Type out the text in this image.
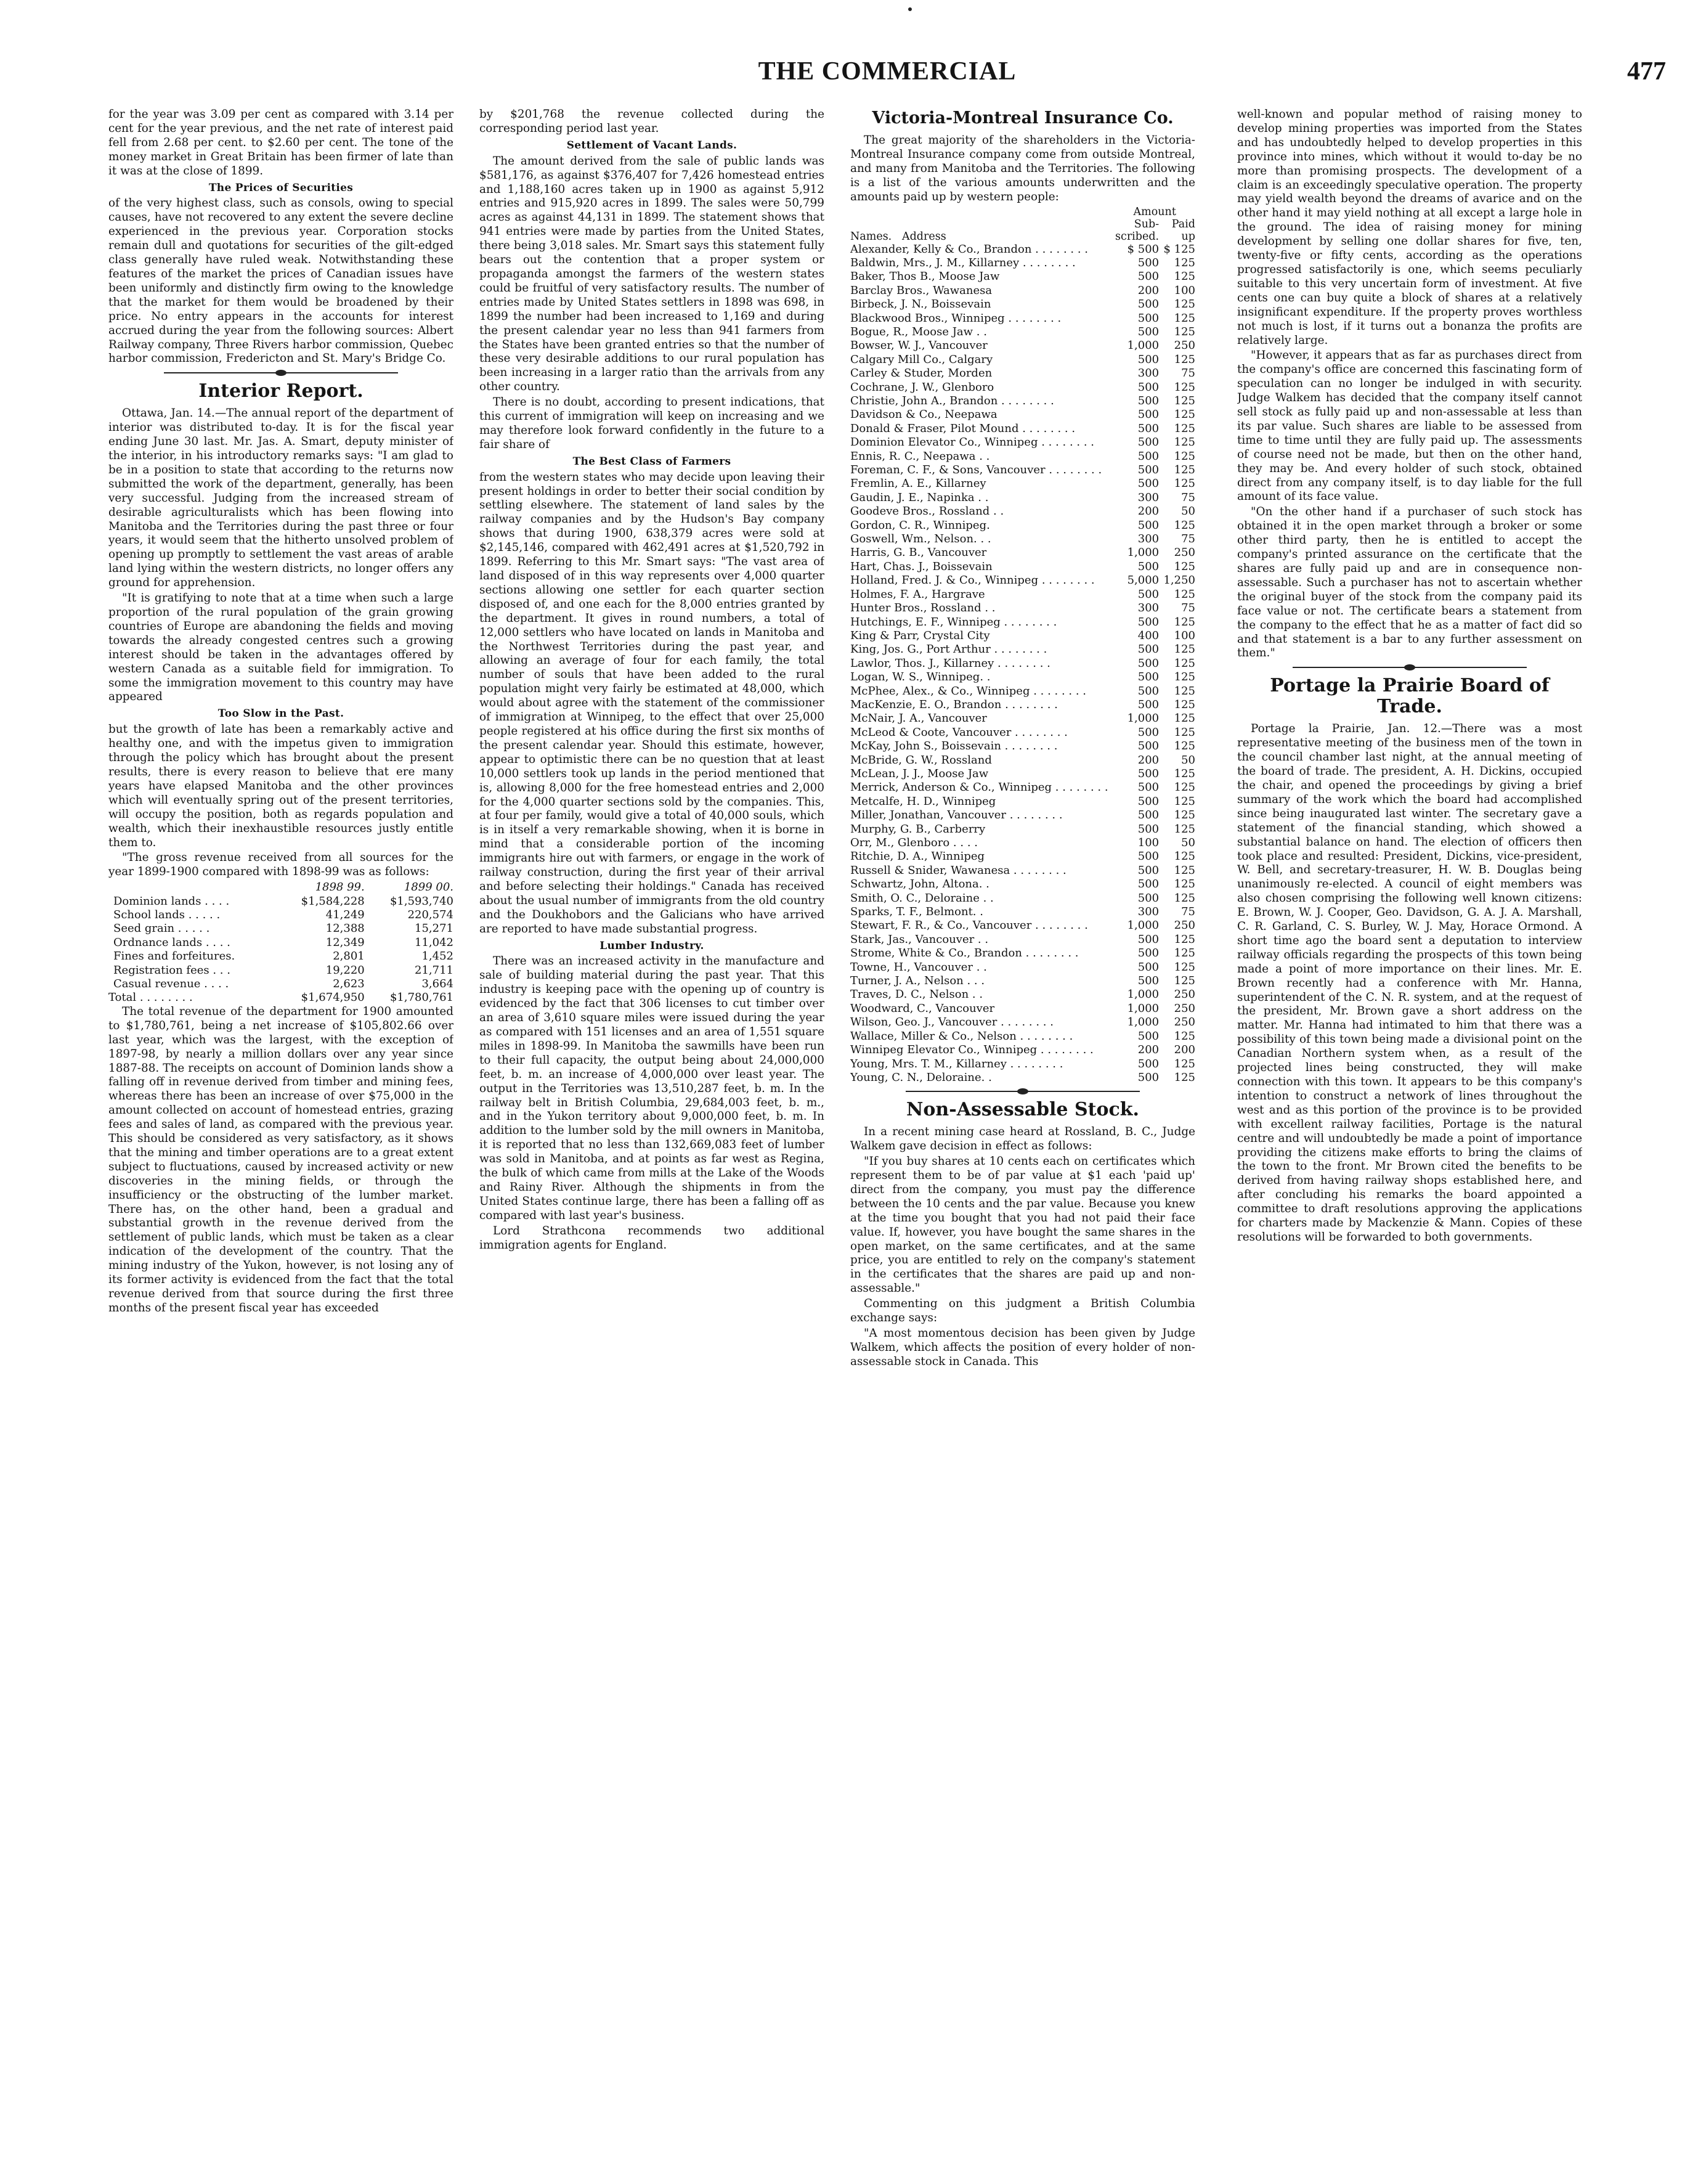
THE COMMERCIAL	477

for the year was 3.09 per cent as compared with 3.14 per cent for the year previous, and the net rate of interest paid fell from 2.68 per cent. to $2.60 per cent. The tone of the money market in Great Britain has been firmer of late than it was at the close of 1899.

The Prices of Securities

of the very highest class, such as consols, owing to special causes, have not recovered to any extent the severe decline experienced in the previous year. Corporation stocks remain dull and quotations for securities of the gilt-edged class generally have ruled weak. Notwithstanding these features of the market the prices of Canadian issues have been uniformly and distinctly firm owing to the knowledge that the market for them would be broadened by their price. No entry appears in the accounts for interest accrued during the year from the following sources: Albert Railway company, Three Rivers harbor commission, Quebec harbor commission, Fredericton and St. Mary's Bridge Co.

Interior Report.

Ottawa, Jan. 14.—The annual report of the department of interior was distributed to-day. It is for the fiscal year ending June 30 last. Mr. Jas. A. Smart, deputy minister of the interior, in his introductory remarks says: "I am glad to be in a position to state that according to the returns now submitted the work of the department, generally, has been very successful. Judging from the increased stream of desirable agriculturalists which has been flowing into Manitoba and the Territories during the past three or four years, it would seem that the hitherto unsolved problem of opening up promptly to settlement the vast areas of arable land lying within the western districts, no longer offers any ground for apprehension.

"It is gratifying to note that at a time when such a large proportion of the rural population of the grain growing countries of Europe are abandoning the fields and moving towards the already congested centres such a growing interest should be taken in the advantages offered by western Canada as a suitable field for immigration. To some the immigration movement to this country may have appeared

Too Slow in the Past.

but the growth of late has been a remarkably active and healthy one, and with the impetus given to immigration through the policy which has brought about the present results, there is every reason to believe that ere many years have elapsed Manitoba and the other provinces which will eventually spring out of the present territories, will occupy the position, both as regards population and wealth, which their inexhaustible resources justly entitle them to.

"The gross revenue received from all sources for the year 1899-1900 compared with 1898-99 was as follows:

	1898 99.	1899 00.
Dominion lands . . . .	$1,584,228	$1,593,740
School lands . . . . .	41,249	220,574
Seed grain . . . . .	12,388	15,271
Ordnance lands . . . .	12,349	11,042
Fines and forfeitures.	2,801	1,452
Registration fees . . .	19,220	21,711
Casual revenue . . . .	2,623	3,664
Total . . . . . . . .	$1,674,950	$1,780,761

The total revenue of the department for 1900 amounted to $1,780,761, being a net increase of $105,802.66 over last year, which was the largest, with the exception of 1897-98, by nearly a million dollars over any year since 1887-88. The receipts on account of Dominion lands show a falling off in revenue derived from timber and mining fees, whereas there has been an increase of over $75,000 in the amount collected on account of homestead entries, grazing fees and sales of land, as compared with the previous year. This should be considered as very satisfactory, as it shows that the mining and timber operations are to a great extent subject to fluctuations, caused by increased activity or new discoveries in the mining fields, or through the insufficiency or the obstructing of the lumber market. There has, on the other hand, been a gradual and substantial growth in the revenue derived from the settlement of public lands, which must be taken as a clear indication of the development of the country. That the mining industry of the Yukon, however, is not losing any of its former activity is evidenced from the fact that the total revenue derived from that source during the first three months of the present fiscal year has exceeded

by $201,768 the revenue collected during the corresponding period last year.

Settlement of Vacant Lands.

The amount derived from the sale of public lands was $581,176, as against $376,407 for 7,426 homestead entries and 1,188,160 acres taken up in 1900 as against 5,912 entries and 915,920 acres in 1899. The sales were 50,799 acres as against 44,131 in 1899. The statement shows that 941 entries were made by parties from the United States, there being 3,018 sales. Mr. Smart says this statement fully bears out the contention that a proper system or propaganda amongst the farmers of the western states could be fruitful of very satisfactory results. The number of entries made by United States settlers in 1898 was 698, in 1899 the number had been increased to 1,169 and during the present calendar year no less than 941 farmers from the States have been granted entries so that the number of these very desirable additions to our rural population has been increasing in a larger ratio than the arrivals from any other country.

There is no doubt, according to present indications, that this current of immigration will keep on increasing and we may therefore look forward confidently in the future to a fair share of

The Best Class of Farmers

from the western states who may decide upon leaving their present holdings in order to better their social condition by settling elsewhere. The statement of land sales by the railway companies and by the Hudson's Bay company shows that during 1900, 638,379 acres were sold at $2,145,146, compared with 462,491 acres at $1,520,792 in 1899. Referring to this Mr. Smart says: "The vast area of land disposed of in this way represents over 4,000 quarter sections allowing one settler for each quarter section disposed of, and one each for the 8,000 entries granted by the department. It gives in round numbers, a total of 12,000 settlers who have located on lands in Manitoba and the Northwest Territories during the past year, and allowing an average of four for each family, the total number of souls that have been added to the rural population might very fairly be estimated at 48,000, which would about agree with the statement of the commissioner of immigration at Winnipeg, to the effect that over 25,000 people registered at his office during the first six months of the present calendar year. Should this estimate, however, appear to optimistic there can be no question that at least 10,000 settlers took up lands in the period mentioned that is, allowing 8,000 for the free homestead entries and 2,000 for the 4,000 quarter sections sold by the companies. This, at four per family, would give a total of 40,000 souls, which is in itself a very remarkable showing, when it is borne in mind that a considerable portion of the incoming immigrants hire out with farmers, or engage in the work of railway construction, during the first year of their arrival and before selecting their holdings." Canada has received about the usual number of immigrants from the old country and the Doukhobors and the Galicians who have arrived are reported to have made substantial progress.

Lumber Industry.

There was an increased activity in the manufacture and sale of building material during the past year. That this industry is keeping pace with the opening up of country is evidenced by the fact that 306 licenses to cut timber over an area of 3,610 square miles were issued during the year as compared with 151 licenses and an area of 1,551 square miles in 1898-99. In Manitoba the sawmills have been run to their full capacity, the output being about 24,000,000 feet, b. m. an increase of 4,000,000 over least year. The output in the Territories was 13,510,287 feet, b. m. In the railway belt in British Columbia, 29,684,003 feet, b. m., and in the Yukon territory about 9,000,000 feet, b. m. In addition to the lumber sold by the mill owners in Manitoba, it is reported that no less than 132,669,083 feet of lumber was sold in Manitoba, and at points as far west as Regina, the bulk of which came from mills at the Lake of the Woods and Rainy River. Although the shipments in from the United States continue large, there has been a falling off as compared with last year's business.

Lord Strathcona recommends two additional immigration agents for England.

Victoria-Montreal Insurance Co.

The great majority of the shareholders in the Victoria-Montreal Insurance company come from outside Montreal, and many from Manitoba and the Territories. The following is a list of the various amounts underwritten and the amounts paid up by western people:

	Amount	
	Sub-	Paid
Names. Address	scribed.	up
Alexander, Kelly & Co., Brandon . . . . . . . .	$ 500	$ 125
Baldwin, Mrs., J. M., Killarney . . . . . . . .	500	125
Baker, Thos B., Moose Jaw	500	125
Barclay Bros., Wawanesa	200	100
Birbeck, J. N., Boissevain	500	125
Blackwood Bros., Winnipeg . . . . . . . .	500	125
Bogue, R., Moose Jaw . .	500	125
Bowser, W. J., Vancouver	1,000	250
Calgary Mill Co., Calgary	500	125
Carley & Studer, Morden	300	75
Cochrane, J. W., Glenboro	500	125
Christie, John A., Brandon . . . . . . . .	500	125
Davidson & Co., Neepawa	500	125
Donald & Fraser, Pilot Mound . . . . . . . .	500	125
Dominion Elevator Co., Winnipeg . . . . . . . .	500	125
Ennis, R. C., Neepawa . .	500	125
Foreman, C. F., & Sons, Vancouver . . . . . . . .	500	125
Fremlin, A. E., Killarney	500	125
Gaudin, J. E., Napinka . .	300	75
Goodeve Bros., Rossland . .	200	50
Gordon, C. R., Winnipeg.	500	125
Goswell, Wm., Nelson. . .	300	75
Harris, G. B., Vancouver	1,000	250
Hart, Chas. J., Boissevain	500	125
Holland, Fred. J. & Co., Winnipeg . . . . . . . .	5,000	1,250
Holmes, F. A., Hargrave	500	125
Hunter Bros., Rossland . .	300	75
Hutchings, E. F., Winnipeg . . . . . . . .	500	125
King & Parr, Crystal City	400	100
King, Jos. G., Port Arthur . . . . . . . .	500	125
Lawlor, Thos. J., Killarney . . . . . . . .	500	125
Logan, W. S., Winnipeg. .	500	125
McPhee, Alex., & Co., Winnipeg . . . . . . . .	500	125
MacKenzie, E. O., Brandon . . . . . . . .	500	125
McNair, J. A., Vancouver	1,000	125
McLeod & Coote, Vancouver . . . . . . . .	500	125
McKay, John S., Boissevain . . . . . . . .	500	125
McBride, G. W., Rossland	200	50
McLean, J. J., Moose Jaw	500	125
Merrick, Anderson & Co., Winnipeg . . . . . . . .	500	125
Metcalfe, H. D., Winnipeg	500	125
Miller, Jonathan, Vancouver . . . . . . . .	500	125
Murphy, G. B., Carberry	500	125
Orr, M., Glenboro . . . .	100	50
Ritchie, D. A., Winnipeg	500	125
Russell & Snider, Wawanesa . . . . . . . .	500	125
Schwartz, John, Altona. .	500	125
Smith, O. C., Deloraine . .	500	125
Sparks, T. F., Belmont. .	300	75
Stewart, F. R., & Co., Vancouver . . . . . . . .	1,000	250
Stark, Jas., Vancouver . .	500	125
Strome, White & Co., Brandon . . . . . . . .	500	125
Towne, H., Vancouver . .	500	125
Turner, J. A., Nelson . . .	500	125
Traves, D. C., Nelson . .	1,000	250
Woodward, C., Vancouver	1,000	250
Wilson, Geo. J., Vancouver . . . . . . . .	1,000	250
Wallace, Miller & Co., Nelson . . . . . . . .	500	125
Winnipeg Elevator Co., Winnipeg . . . . . . . .	200	200
Young, Mrs. T. M., Killarney . . . . . . . .	500	125
Young, C. N., Deloraine. .	500	125
Non-Assessable Stock.

In a recent mining case heard at Rossland, B. C., Judge Walkem gave decision in effect as follows:

"If you buy shares at 10 cents each on certificates which represent them to be of par value at $1 each 'paid up' direct from the company, you must pay the difference between the 10 cents and the par value. Because you knew at the time you bought that you had not paid their face value. If, however, you have bought the same shares in the open market, on the same certificates, and at the same price, you are entitled to rely on the company's statement in the certificates that the shares are paid up and non-assessable."

Commenting on this judgment a British Columbia exchange says:

"A most momentous decision has been given by Judge Walkem, which affects the position of every holder of non-assessable stock in Canada. This

well-known and popular method of raising money to develop mining properties was imported from the States and has undoubtedly helped to develop properties in this province into mines, which without it would to-day be no more than promising prospects. The development of a claim is an exceedingly speculative operation. The property may yield wealth beyond the dreams of avarice and on the other hand it may yield nothing at all except a large hole in the ground. The idea of raising money for mining development by selling one dollar shares for five, ten, twenty-five or fifty cents, according as the operations progressed satisfactorily is one, which seems peculiarly suitable to this very uncertain form of investment. At five cents one can buy quite a block of shares at a relatively insignificant expenditure. If the property proves worthless not much is lost, if it turns out a bonanza the profits are relatively large.

"However, it appears that as far as purchases direct from the company's office are concerned this fascinating form of speculation can no longer be indulged in with security. Judge Walkem has decided that the company itself cannot sell stock as fully paid up and non-assessable at less than its par value. Such shares are liable to be assessed from time to time until they are fully paid up. The assessments of course need not be made, but then on the other hand, they may be. And every holder of such stock, obtained direct from any company itself, is to day liable for the full amount of its face value.

"On the other hand if a purchaser of such stock has obtained it in the open market through a broker or some other third party, then he is entitled to accept the company's printed assurance on the certificate that the shares are fully paid up and are in consequence non-assessable. Such a purchaser has not to ascertain whether the original buyer of the stock from the company paid its face value or not. The certificate bears a statement from the company to the effect that he as a matter of fact did so and that statement is a bar to any further assessment on them."

Portage la Prairie Board of Trade.

Portage la Prairie, Jan. 12.—There was a most representative meeting of the business men of the town in the council chamber last night, at the annual meeting of the board of trade. The president, A. H. Dickins, occupied the chair, and opened the proceedings by giving a brief summary of the work which the board had accomplished since being inaugurated last winter. The secretary gave a statement of the financial standing, which showed a substantial balance on hand. The election of officers then took place and resulted: President, Dickins, vice-president, W. Bell, and secretary-treasurer, H. W. B. Douglas being unanimously re-elected. A council of eight members was also chosen comprising the following well known citizens: E. Brown, W. J. Cooper, Geo. Davidson, G. A. J. A. Marshall, C. R. Garland, C. S. Burley, W. J. May, Horace Ormond. A short time ago the board sent a deputation to interview railway officials regarding the prospects of this town being made a point of more importance on their lines. Mr. E. Brown recently had a conference with Mr. Hanna, superintendent of the C. N. R. system, and at the request of the president, Mr. Brown gave a short address on the matter. Mr. Hanna had intimated to him that there was a possibility of this town being made a divisional point on the Canadian Northern system when, as a result of the projected lines being constructed, they will make connection with this town. It appears to be this company's intention to construct a network of lines throughout the west and as this portion of the province is to be provided with excellent railway facilities, Portage is the natural centre and will undoubtedly be made a point of importance providing the citizens make efforts to bring the claims of the town to the front. Mr Brown cited the benefits to be derived from having railway shops established here, and after concluding his remarks the board appointed a committee to draft resolutions approving the applications for charters made by Mackenzie & Mann. Copies of these resolutions will be forwarded to both governments.
